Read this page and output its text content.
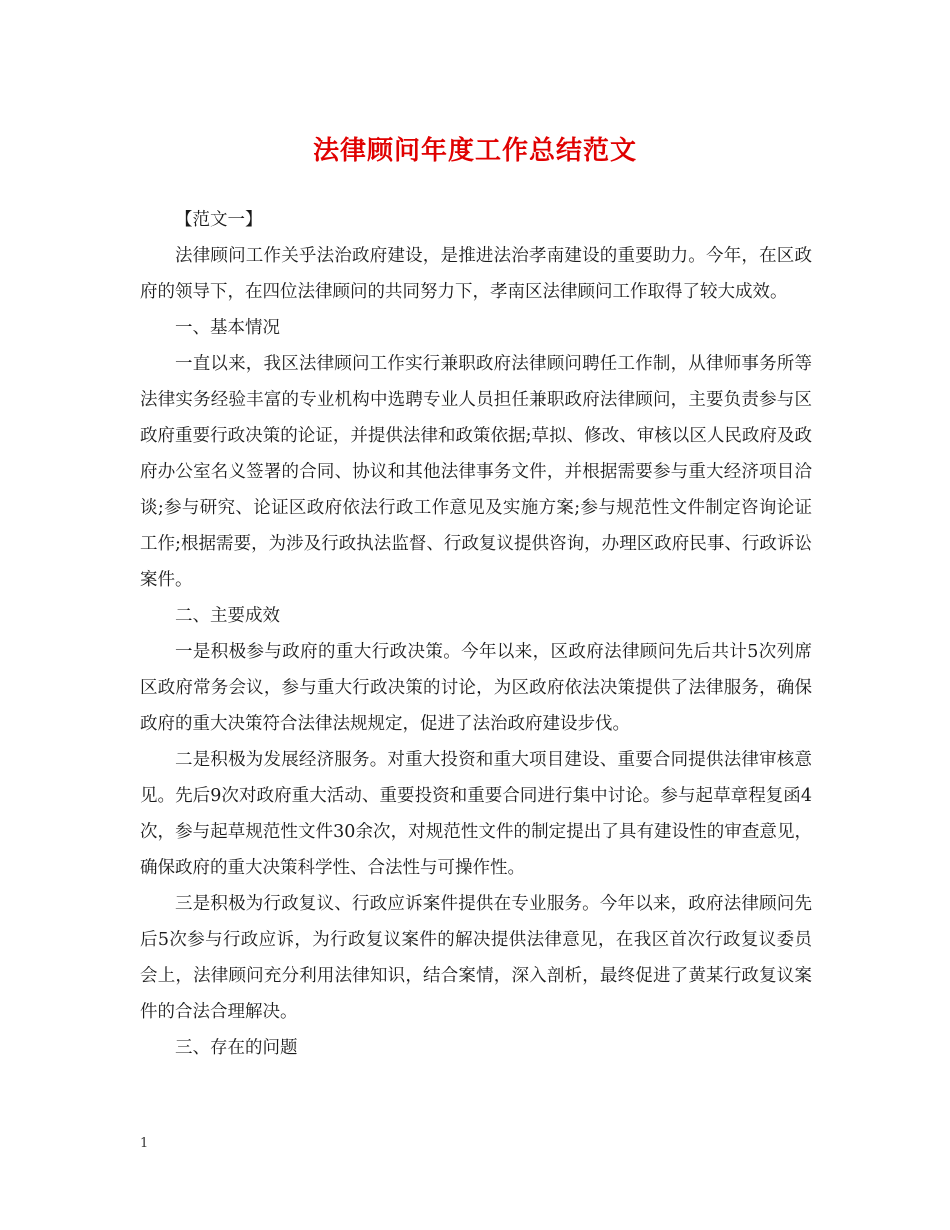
法律顾问年度工作总结范文

【范文一】

法律顾问工作关乎法治政府建设，是推进法治孝南建设的重要助力。今年，在区政府的领导下，在四位法律顾问的共同努力下，孝南区法律顾问工作取得了较大成效。

一、基本情况

一直以来，我区法律顾问工作实行兼职政府法律顾问聘任工作制，从律师事务所等法律实务经验丰富的专业机构中选聘专业人员担任兼职政府法律顾问，主要负责参与区政府重要行政决策的论证，并提供法律和政策依据;草拟、修改、审核以区人民政府及政府办公室名义签署的合同、协议和其他法律事务文件，并根据需要参与重大经济项目洽谈;参与研究、论证区政府依法行政工作意见及实施方案;参与规范性文件制定咨询论证工作;根据需要，为涉及行政执法监督、行政复议提供咨询，办理区政府民事、行政诉讼案件。

二、主要成效

一是积极参与政府的重大行政决策。今年以来，区政府法律顾问先后共计5次列席区政府常务会议，参与重大行政决策的讨论，为区政府依法决策提供了法律服务，确保政府的重大决策符合法律法规规定，促进了法治政府建设步伐。

二是积极为发展经济服务。对重大投资和重大项目建设、重要合同提供法律审核意见。先后9次对政府重大活动、重要投资和重要合同进行集中讨论。参与起草章程复函4次，参与起草规范性文件30余次，对规范性文件的制定提出了具有建设性的审查意见，确保政府的重大决策科学性、合法性与可操作性。

三是积极为行政复议、行政应诉案件提供在专业服务。今年以来，政府法律顾问先后5次参与行政应诉，为行政复议案件的解决提供法律意见，在我区首次行政复议委员会上，法律顾问充分利用法律知识，结合案情，深入剖析，最终促进了黄某行政复议案件的合法合理解决。

三、存在的问题

1
